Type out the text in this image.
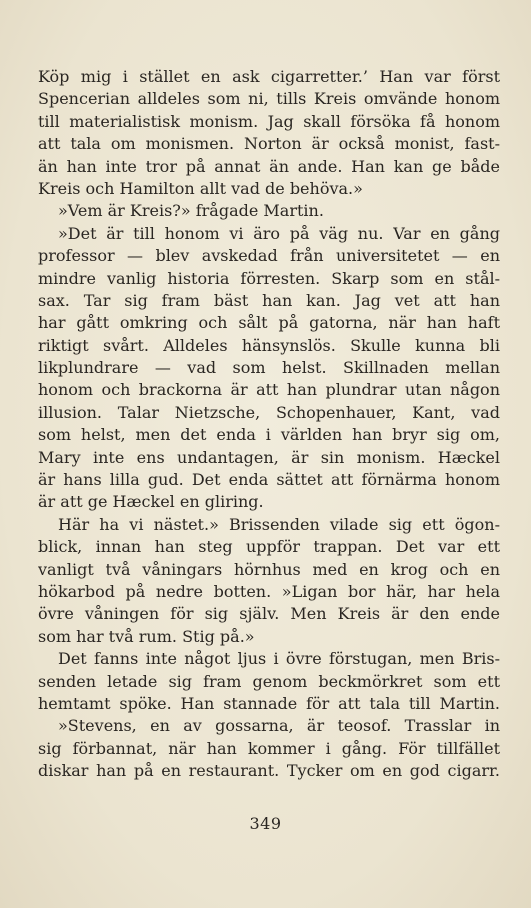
Köp mig i stället en ask cigarretter.’ Han var först
Spencerian alldeles som ni, tills Kreis omvände honom
till materialistisk monism. Jag skall försöka få honom
att tala om monismen. Norton är också monist, fast-
än han inte tror på annat än ande. Han kan ge både
Kreis och Hamilton allt vad de behöva.»
»Vem är Kreis?» frågade Martin.
»Det är till honom vi äro på väg nu. Var en gång
professor — blev avskedad från universitetet — en
mindre vanlig historia förresten. Skarp som en stål-
sax. Tar sig fram bäst han kan. Jag vet att han
har gått omkring och sålt på gatorna, när han haft
riktigt svårt. Alldeles hänsynslös. Skulle kunna bli
likplundrare — vad som helst. Skillnaden mellan
honom och brackorna är att han plundrar utan någon
illusion. Talar Nietzsche, Schopenhauer, Kant, vad
som helst, men det enda i världen han bryr sig om,
Mary inte ens undantagen, är sin monism. Hæckel
är hans lilla gud. Det enda sättet att förnärma honom
är att ge Hæckel en gliring.
Här ha vi nästet.» Brissenden vilade sig ett ögon-
blick, innan han steg uppför trappan. Det var ett
vanligt två våningars hörnhus med en krog och en
hökarbod på nedre botten. »Ligan bor här, har hela
övre våningen för sig själv. Men Kreis är den ende
som har två rum. Stig på.»
Det fanns inte något ljus i övre förstugan, men Bris-
senden letade sig fram genom beckmörkret som ett
hemtamt spöke. Han stannade för att tala till Martin.
»Stevens, en av gossarna, är teosof. Trasslar in
sig förbannat, när han kommer i gång. För tillfället
diskar han på en restaurant. Tycker om en god cigarr.
349
